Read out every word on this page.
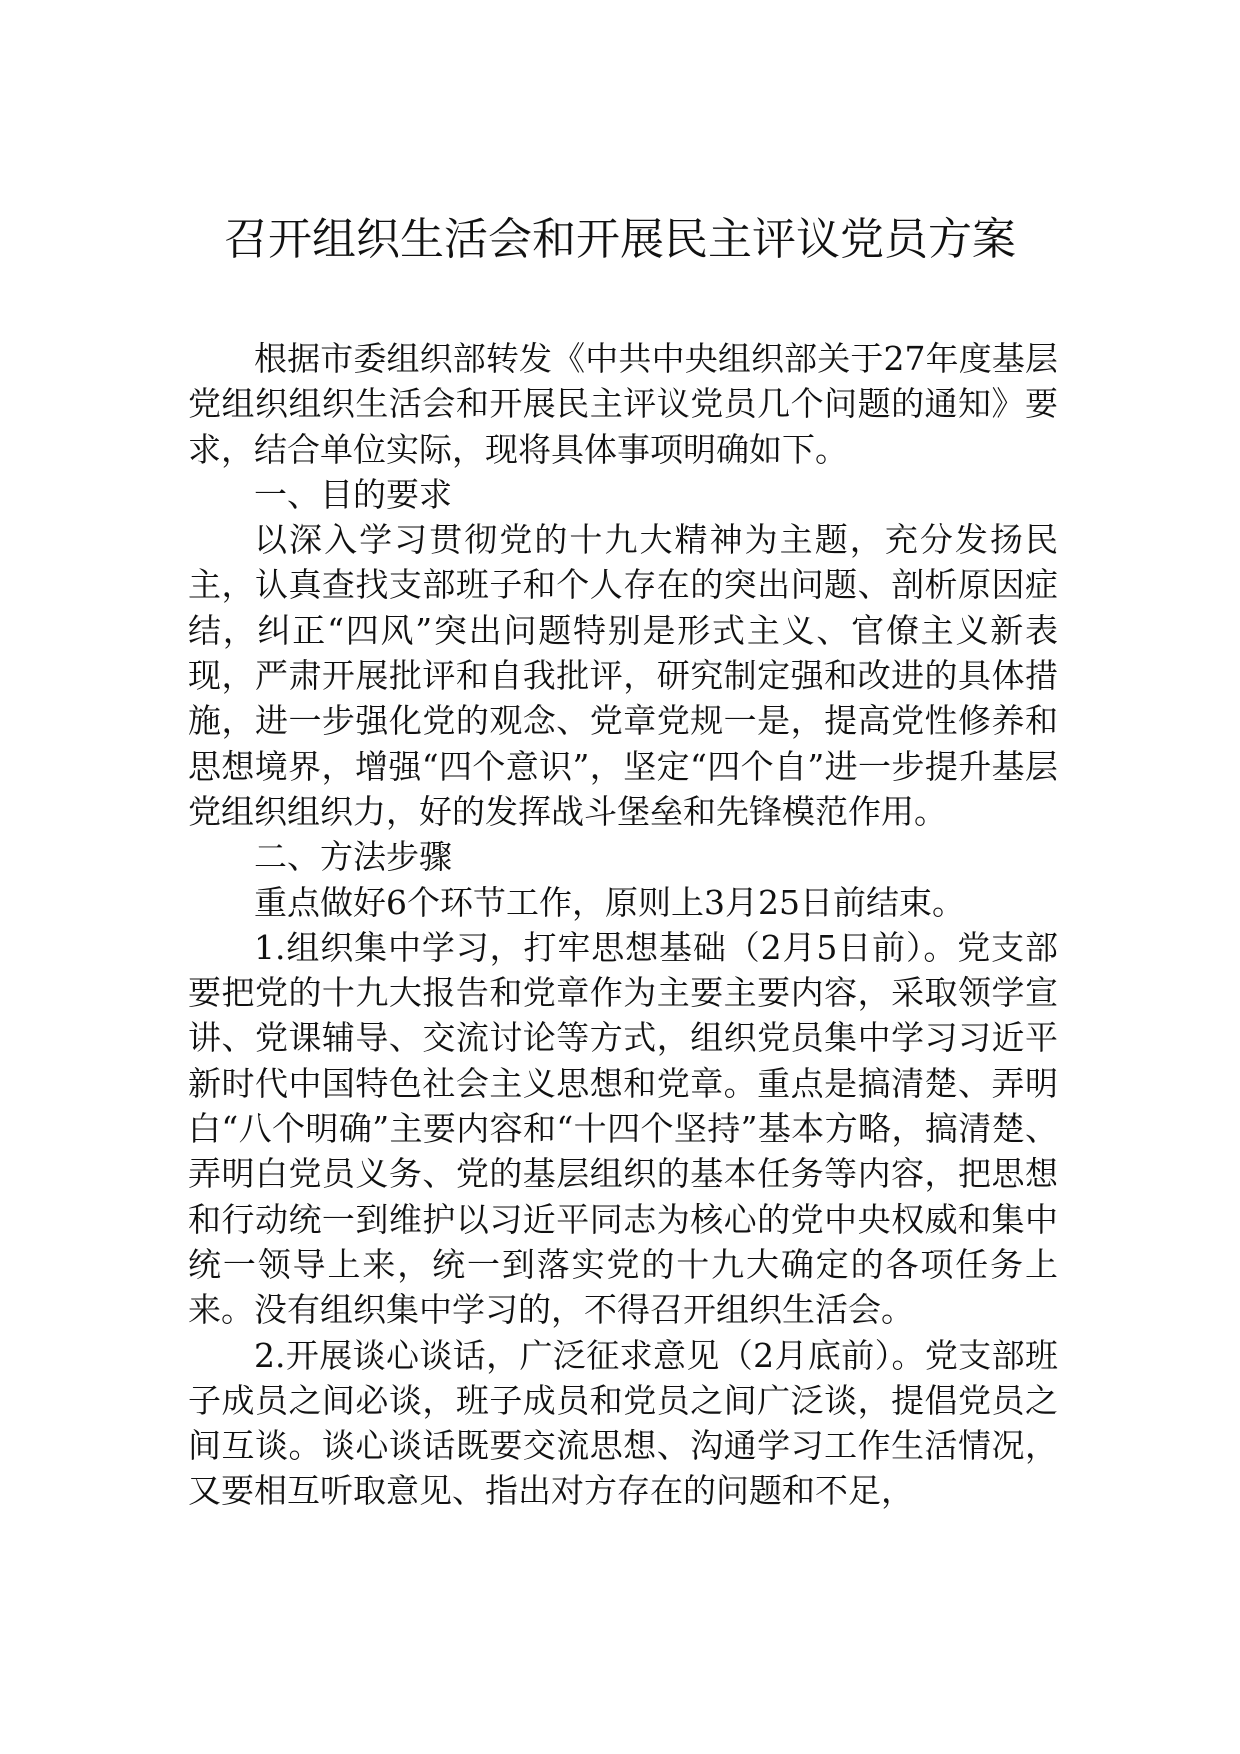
召开组织生活会和开展民主评议党员方案

根据市委组织部转发《中共中央组织部关于27年度基层党组织组织生活会和开展民主评议党员几个问题的通知》要求，结合单位实际，现将具体事项明确如下。

一、目的要求

以深入学习贯彻党的十九大精神为主题，充分发扬民主，认真查找支部班子和个人存在的突出问题、剖析原因症结，纠正“四风”突出问题特别是形式主义、官僚主义新表现，严肃开展批评和自我批评，研究制定强和改进的具体措施，进一步强化党的观念、党章党规一是，提高党性修养和思想境界，增强“四个意识”，坚定“四个自”进一步提升基层党组织组织力，好的发挥战斗堡垒和先锋模范作用。

二、方法步骤

重点做好6个环节工作，原则上3月25日前结束。

1.组织集中学习，打牢思想基础（2月5日前）。党支部要把党的十九大报告和党章作为主要主要内容，采取领学宣讲、党课辅导、交流讨论等方式，组织党员集中学习习近平新时代中国特色社会主义思想和党章。重点是搞清楚、弄明白“八个明确”主要内容和“十四个坚持”基本方略，搞清楚、弄明白党员义务、党的基层组织的基本任务等内容，把思想和行动统一到维护以习近平同志为核心的党中央权威和集中统一领导上来，统一到落实党的十九大确定的各项任务上来。没有组织集中学习的，不得召开组织生活会。

2.开展谈心谈话，广泛征求意见（2月底前）。党支部班子成员之间必谈，班子成员和党员之间广泛谈，提倡党员之间互谈。谈心谈话既要交流思想、沟通学习工作生活情况，又要相互听取意见、指出对方存在的问题和不足，
